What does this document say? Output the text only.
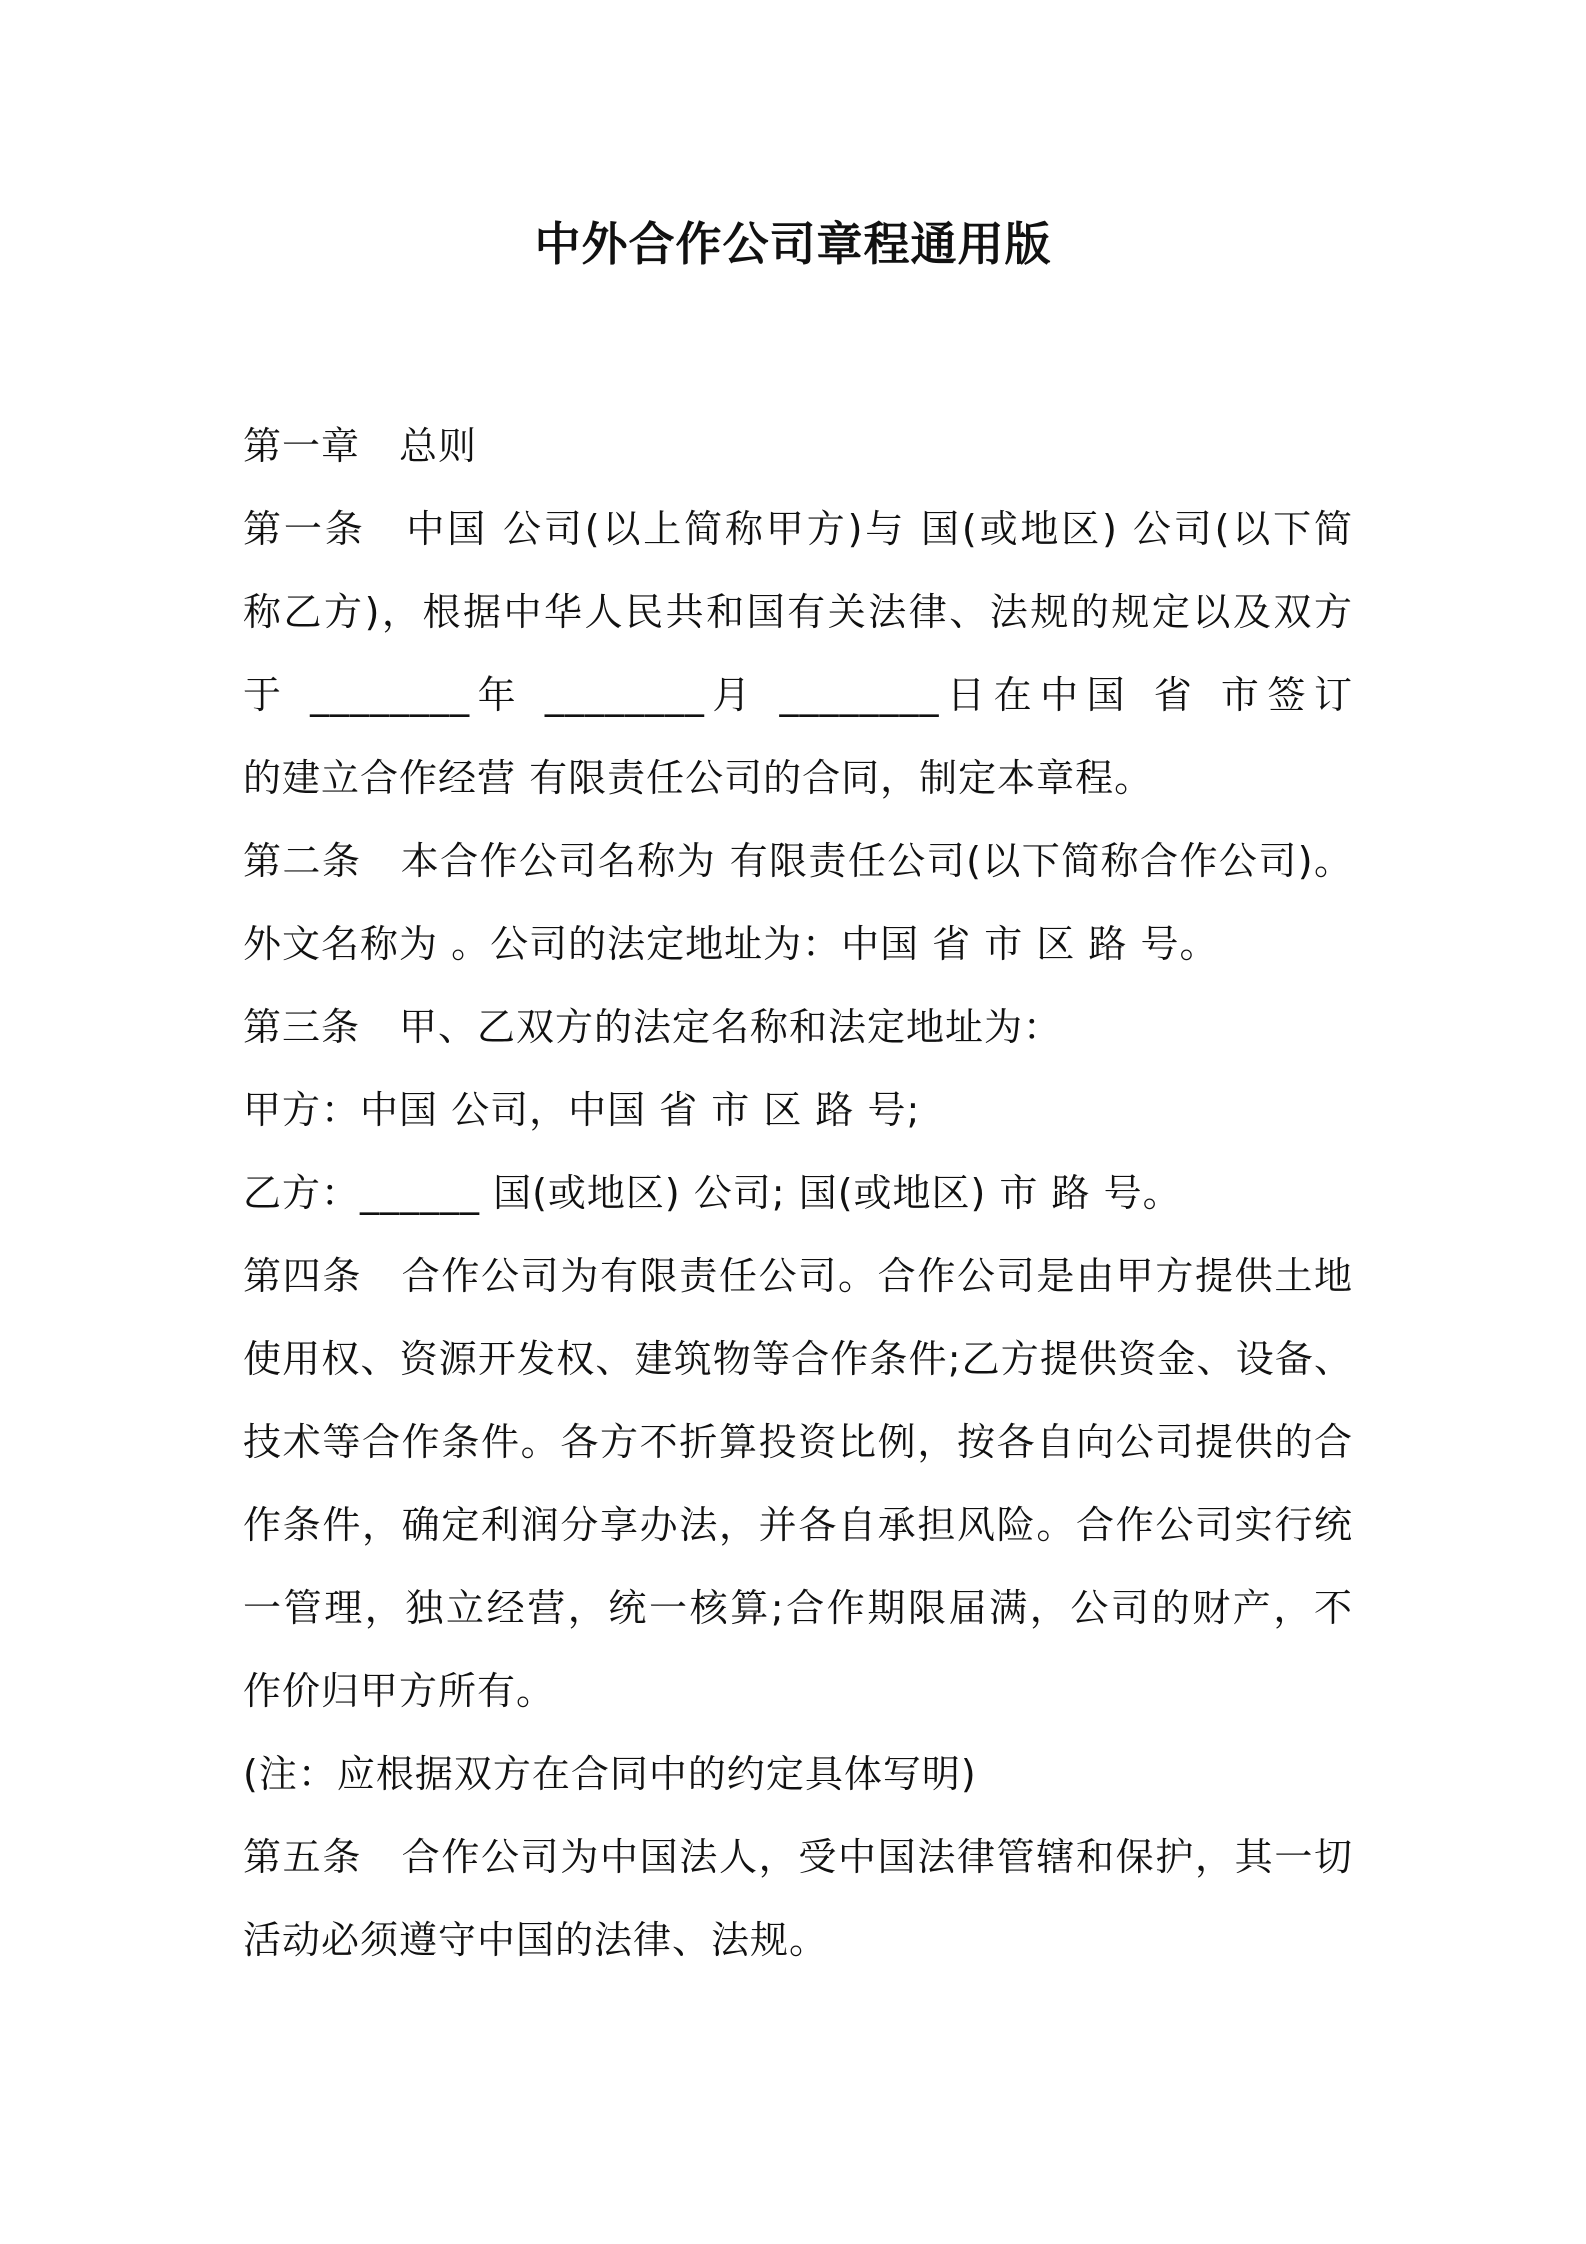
中外合作公司章程通用版
第一章　总则
第一条　中国 公司(以上简称甲方)与 国(或地区) 公司(以下简
称乙方)，根据中华人民共和国有关法律、法规的规定以及双方
于 ________年 ________月 ________日在中国 省 市签订
的建立合作经营 有限责任公司的合同，制定本章程。
第二条　本合作公司名称为 有限责任公司(以下简称合作公司)。
外文名称为 。公司的法定地址为：中国 省 市 区 路 号。
第三条　甲、乙双方的法定名称和法定地址为：
甲方：中国 公司，中国 省 市 区 路 号;
乙方：______ 国(或地区) 公司; 国(或地区) 市 路 号。
第四条　合作公司为有限责任公司。合作公司是由甲方提供土地
使用权、资源开发权、建筑物等合作条件;乙方提供资金、设备、
技术等合作条件。各方不折算投资比例，按各自向公司提供的合
作条件，确定利润分享办法，并各自承担风险。合作公司实行统
一管理，独立经营，统一核算;合作期限届满，公司的财产，不
作价归甲方所有。
(注：应根据双方在合同中的约定具体写明)
第五条　合作公司为中国法人，受中国法律管辖和保护，其一切
活动必须遵守中国的法律、法规。
